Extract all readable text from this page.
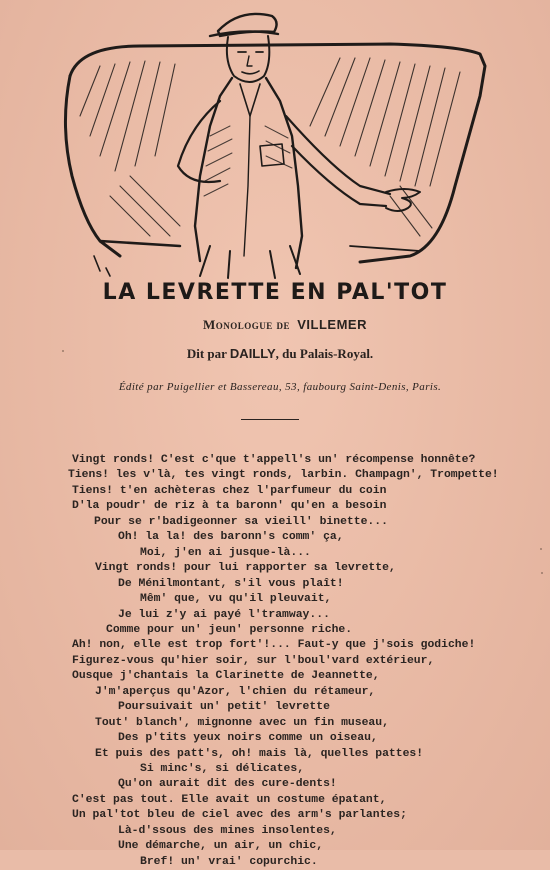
LA LEVRETTE EN PAL'TOT
Monologue de VILLEMER
Dit par DAILLY, du Palais-Royal.
Édité par Puigellier et Bassereau, 53, faubourg Saint-Denis, Paris.
Vingt ronds! C'est c'que t'appell's un' récompense honnête?
Tiens! les v'là, tes vingt ronds, larbin. Champagn', Trompette!
Tiens! t'en achèteras chez l'parfumeur du coin
D'la poudr' de riz à ta baronn' qu'en a besoin
Pour se r'badigeonner sa vieill' binette...
Oh! la la! des baronn's comm' ça,
Moi, j'en ai jusque-là...
Vingt ronds! pour lui rapporter sa levrette,
De Ménilmontant, s'il vous plaît!
Mêm' que, vu qu'il pleuvait,
Je lui z'y ai payé l'tramway...
Comme pour un' jeun' personne riche.
Ah! non, elle est trop fort'!... Faut-y que j'sois godiche!
Figurez-vous qu'hier soir, sur l'boul'vard extérieur,
Ousque j'chantais la Clarinette de Jeannette,
J'm'aperçus qu'Azor, l'chien du rétameur,
Poursuivait un' petit' levrette
Tout' blanch', mignonne avec un fin museau,
Des p'tits yeux noirs comme un oiseau,
Et puis des patt's, oh! mais là, quelles pattes!
Si minc's, si délicates,
Qu'on aurait dit des cure-dents!
C'est pas tout. Elle avait un costume épatant,
Un pal'tot bleu de ciel avec des arm's parlantes;
Là-d'ssous des mines insolentes,
Une démarche, un air, un chic,
Bref! un' vrai' copurchic.
